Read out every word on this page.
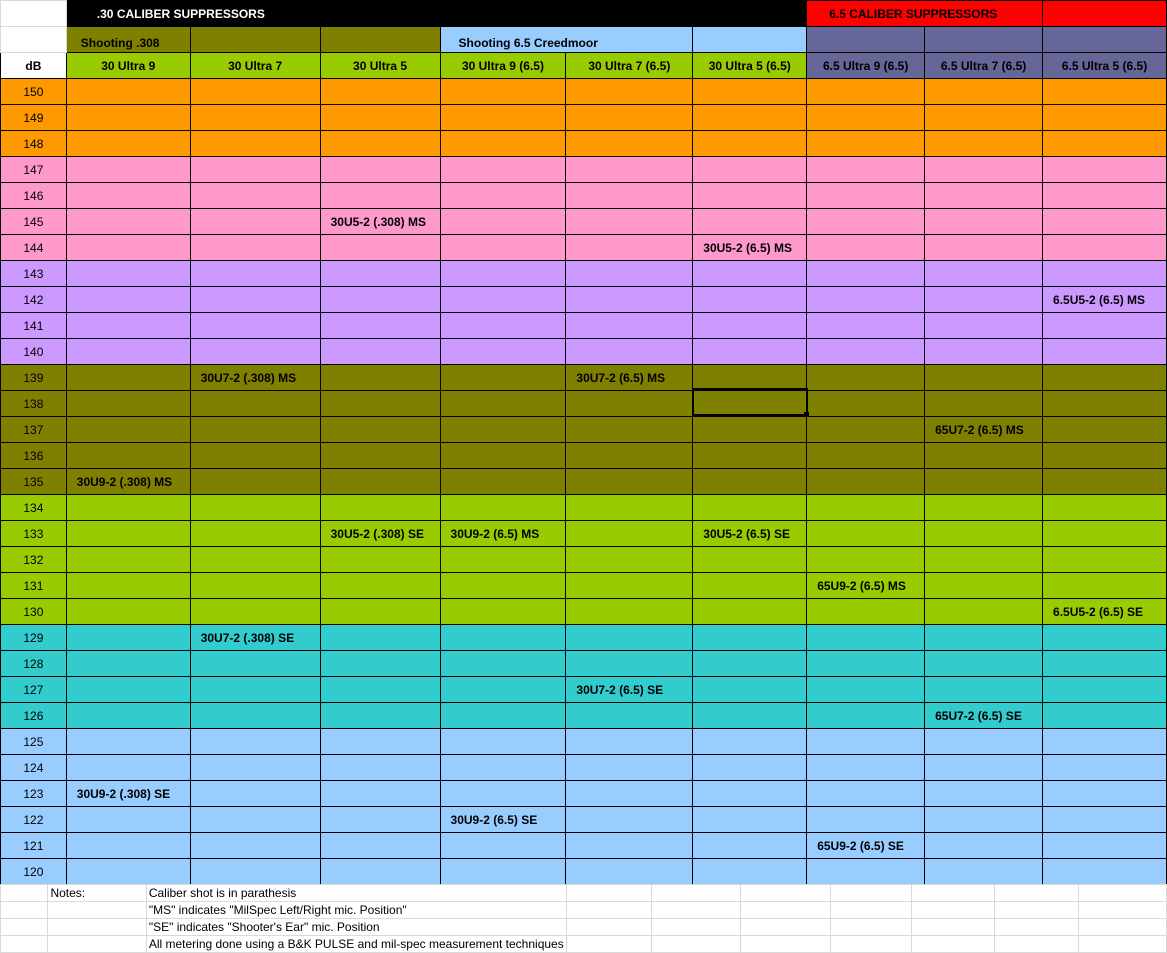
	.30 CALIBER SUPPRESSORS						6.5 CALIBER SUPPRESSORS		
	Shooting .308			Shooting 6.5 Creedmoor					
dB	30 Ultra 9	30 Ultra 7	30 Ultra 5	30 Ultra 9 (6.5)	30 Ultra 7 (6.5)	30 Ultra 5 (6.5)	6.5 Ultra 9 (6.5)	6.5 Ultra 7 (6.5)	6.5 Ultra 5 (6.5)
150									
149									
148									
147									
146									
145			30U5-2 (.308) MS						
144						30U5-2 (6.5) MS			
143									
142									6.5U5-2 (6.5) MS
141									
140									
139		30U7-2 (.308) MS			30U7-2 (6.5) MS				
138									
137								65U7-2 (6.5) MS	
136									
135	30U9-2 (.308) MS								
134									
133			30U5-2 (.308) SE	30U9-2 (6.5) MS		30U5-2 (6.5) SE			
132									
131							65U9-2 (6.5) MS		
130									6.5U5-2 (6.5) SE
129		30U7-2 (.308) SE							
128									
127					30U7-2 (6.5) SE				
126								65U7-2 (6.5) SE	
125									
124									
123	30U9-2 (.308) SE								
122				30U9-2 (6.5) SE					
121							65U9-2 (6.5) SE		
120									
	Notes:	Caliber shot is in parathesis							
		"MS" indicates "MilSpec Left/Right mic. Position"							
		"SE" indicates "Shooter's Ear" mic. Position							
		All metering done using a B&K PULSE and mil-spec measurement techniques							
